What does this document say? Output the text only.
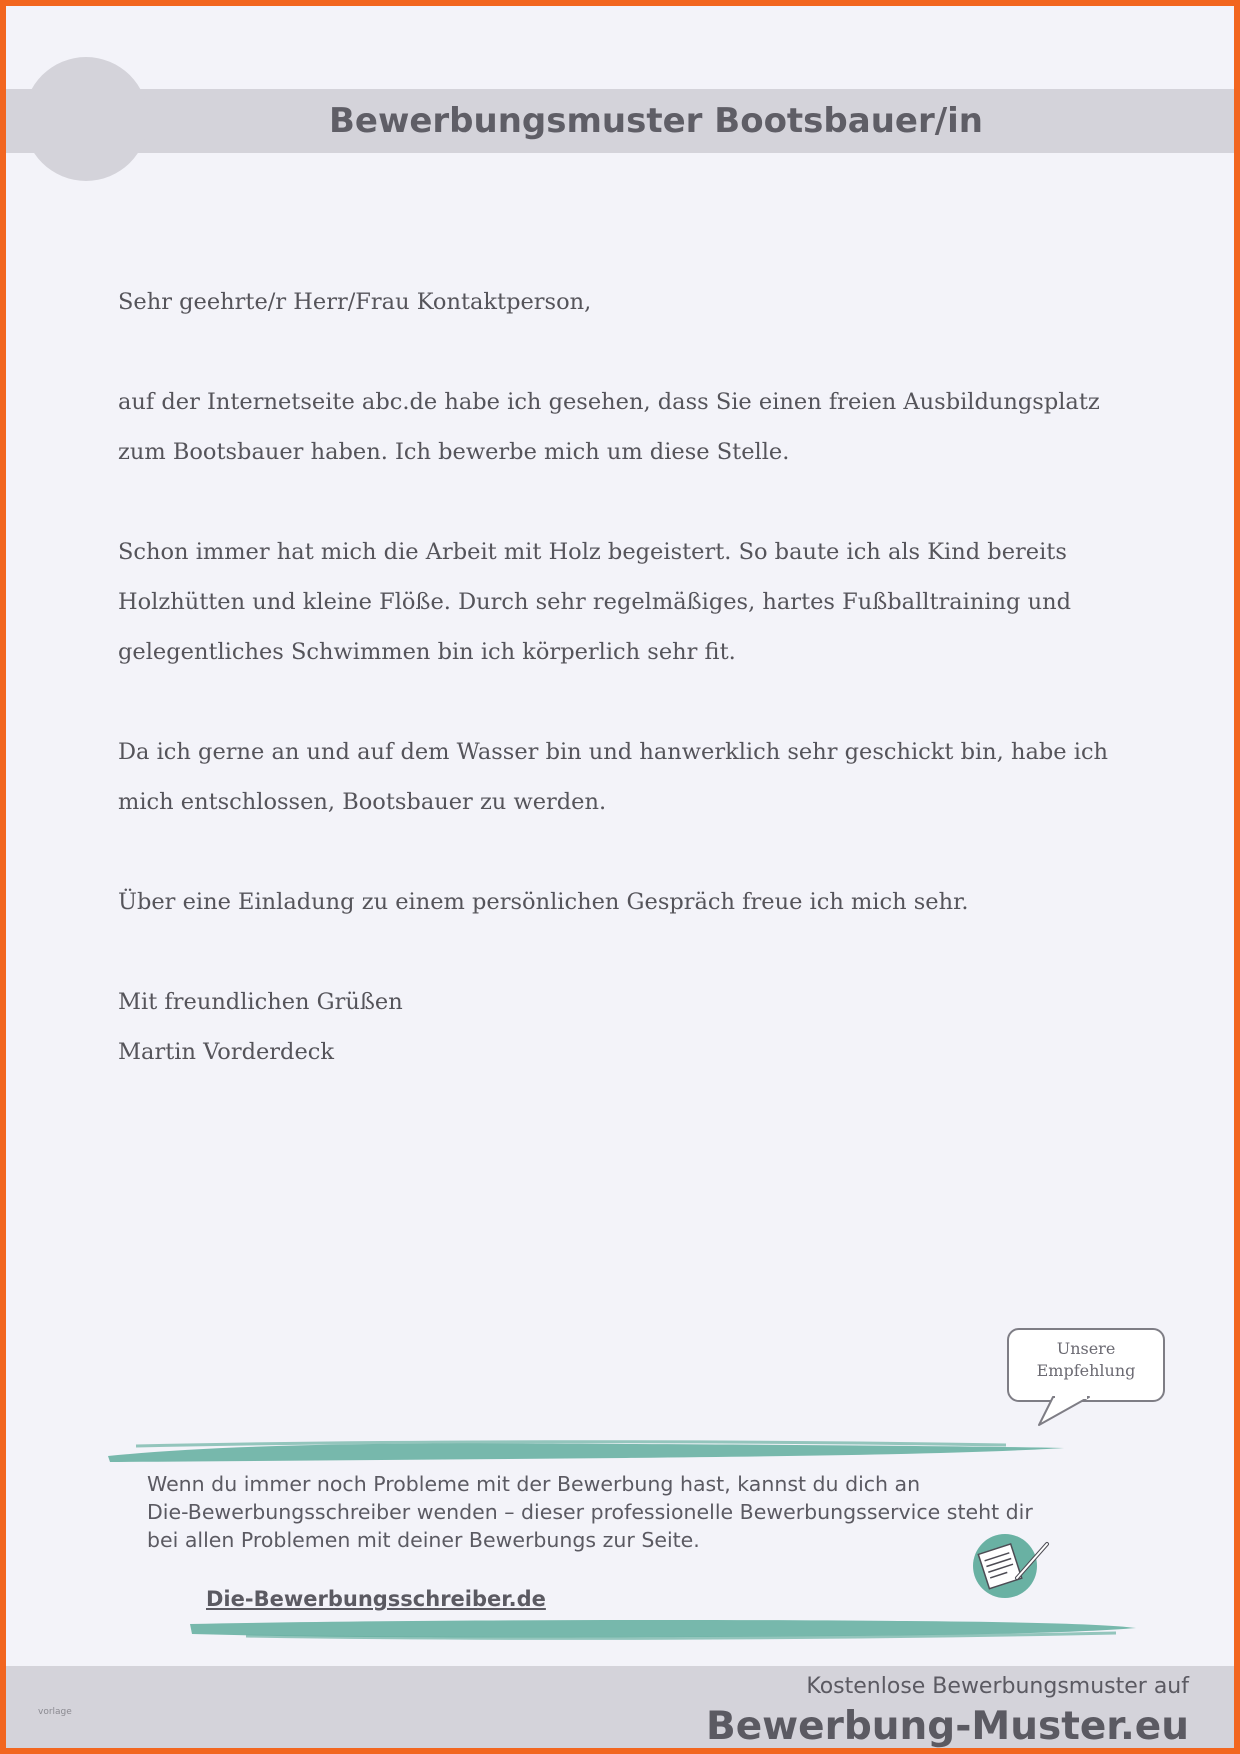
Bewerbungsmuster Bootsbauer/in
Sehr geehrte/r Herr/Frau Kontaktperson,
auf der Internetseite abc.de habe ich gesehen, dass Sie einen freien Ausbildungsplatz
zum Bootsbauer haben. Ich bewerbe mich um diese Stelle.
Schon immer hat mich die Arbeit mit Holz begeistert. So baute ich als Kind bereits
Holzhütten und kleine Flöße. Durch sehr regelmäßiges, hartes Fußballtraining und
gelegentliches Schwimmen bin ich körperlich sehr fit.
Da ich gerne an und auf dem Wasser bin und hanwerklich sehr geschickt bin, habe ich
mich entschlossen, Bootsbauer zu werden.
Über eine Einladung zu einem persönlichen Gespräch freue ich mich sehr.
Mit freundlichen Grüßen
Martin Vorderdeck
Unsere
Empfehlung
Wenn du immer noch Probleme mit der Bewerbung hast, kannst du dich an
Die-Bewerbungsschreiber wenden – dieser professionelle Bewerbungsservice steht dir
bei allen Problemen mit deiner Bewerbungs zur Seite.
Die-Bewerbungsschreiber.de
vorlage
Kostenlose Bewerbungsmuster auf
Bewerbung-Muster.eu
